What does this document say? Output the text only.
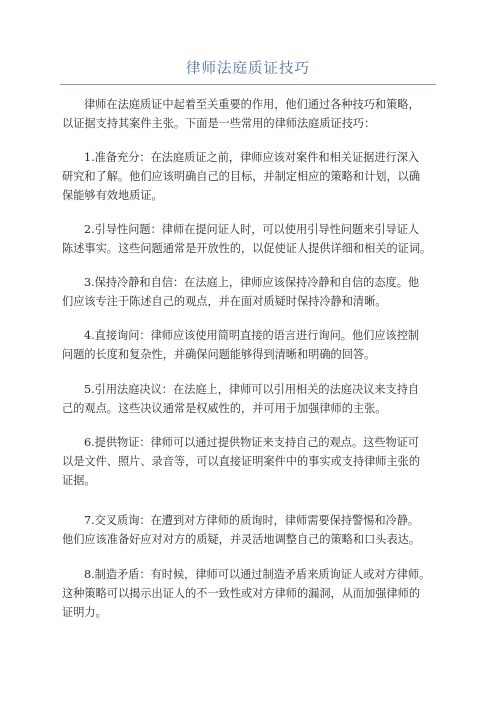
律师法庭质证技巧
律师在法庭质证中起着至关重要的作用，他们通过各种技巧和策略，
以证据支持其案件主张。下面是一些常用的律师法庭质证技巧：
1.准备充分：在法庭质证之前，律师应该对案件和相关证据进行深入
研究和了解。他们应该明确自己的目标，并制定相应的策略和计划，以确
保能够有效地质证。
2.引导性问题：律师在提问证人时，可以使用引导性问题来引导证人
陈述事实。这些问题通常是开放性的，以促使证人提供详细和相关的证词。
3.保持冷静和自信：在法庭上，律师应该保持冷静和自信的态度。他
们应该专注于陈述自己的观点，并在面对质疑时保持冷静和清晰。
4.直接询问：律师应该使用简明直接的语言进行询问。他们应该控制
问题的长度和复杂性，并确保问题能够得到清晰和明确的回答。
5.引用法庭决议：在法庭上，律师可以引用相关的法庭决议来支持自
己的观点。这些决议通常是权威性的，并可用于加强律师的主张。
6.提供物证：律师可以通过提供物证来支持自己的观点。这些物证可
以是文件、照片、录音等，可以直接证明案件中的事实或支持律师主张的
证据。
7.交叉质询：在遭到对方律师的质询时，律师需要保持警惕和冷静。
他们应该准备好应对对方的质疑，并灵活地调整自己的策略和口头表达。
8.制造矛盾：有时候，律师可以通过制造矛盾来质询证人或对方律师。
这种策略可以揭示出证人的不一致性或对方律师的漏洞，从而加强律师的
证明力。
